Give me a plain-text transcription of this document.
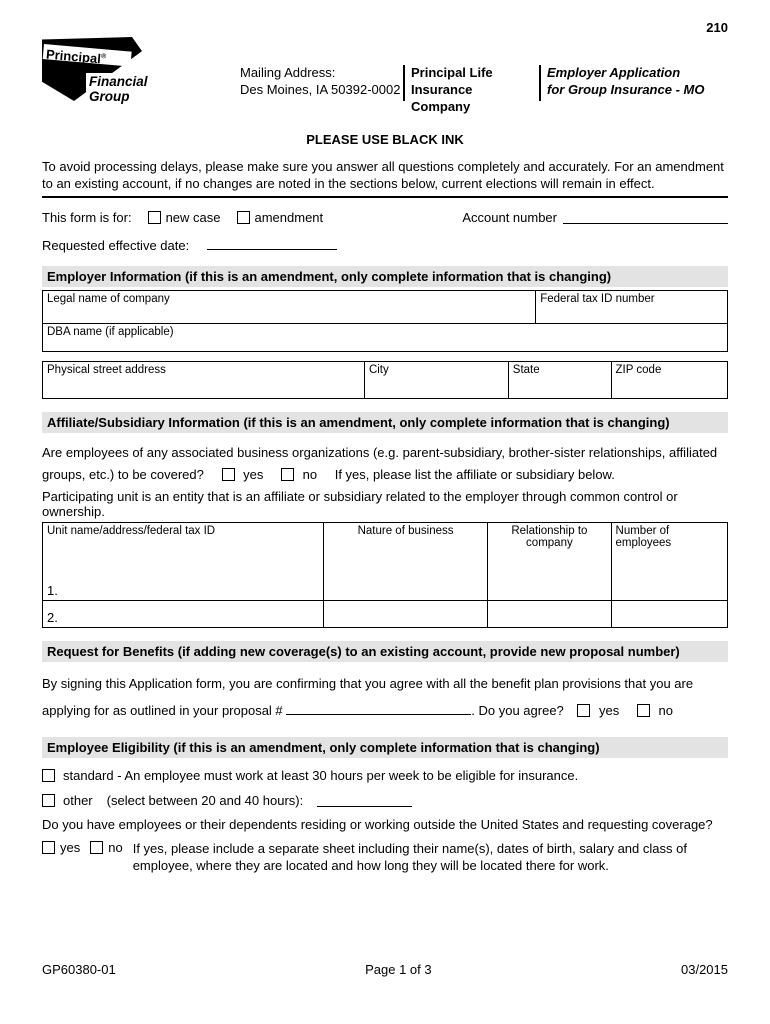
210
Principal®
Financial
Group
Mailing Address:
Des Moines, IA 50392-0002
Principal Life
Insurance Company
Employer Application
for Group Insurance - MO
PLEASE USE BLACK INK

To avoid processing delays, please make sure you answer all questions completely and accurately. For an amendment to an existing account, if no changes are noted in the sections below, current elections will remain in effect.

This form is for:	new case	amendment	Account number
Requested effective date:
Employer Information (if this is an amendment, only complete information that is changing)
Legal name of company	Federal tax ID number
DBA name (if applicable)
Physical street address	City	State	ZIP code
Affiliate/Subsidiary Information (if this is an amendment, only complete information that is changing)

Are employees of any associated business organizations (e.g. parent-subsidiary, brother-sister relationships, affiliated groups, etc.) to be covered?	yes	no If yes, please list the affiliate or subsidiary below.

Participating unit is an entity that is an affiliate or subsidiary related to the employer through common control or ownership.

Unit name/address/federal tax ID	Nature of business	Relationship to company	Number of employees
1.			
2.			
Request for Benefits (if adding new coverage(s) to an existing account, provide new proposal number)

By signing this Application form, you are confirming that you agree with all the benefit plan provisions that you are applying for as outlined in your proposal #	. Do you agree?	yes	no

Employee Eligibility (if this is an amendment, only complete information that is changing)
standard - An employee must work at least 30 hours per week to be eligible for insurance.
other (select between 20 and 40 hours):

Do you have employees or their dependents residing or working outside the United States and requesting coverage?

yes no If yes, please include a separate sheet including their name(s), dates of birth, salary and class of employee, where they are located and how long they will be located there for work.
GP60380-01	Page 1 of 3	03/2015
